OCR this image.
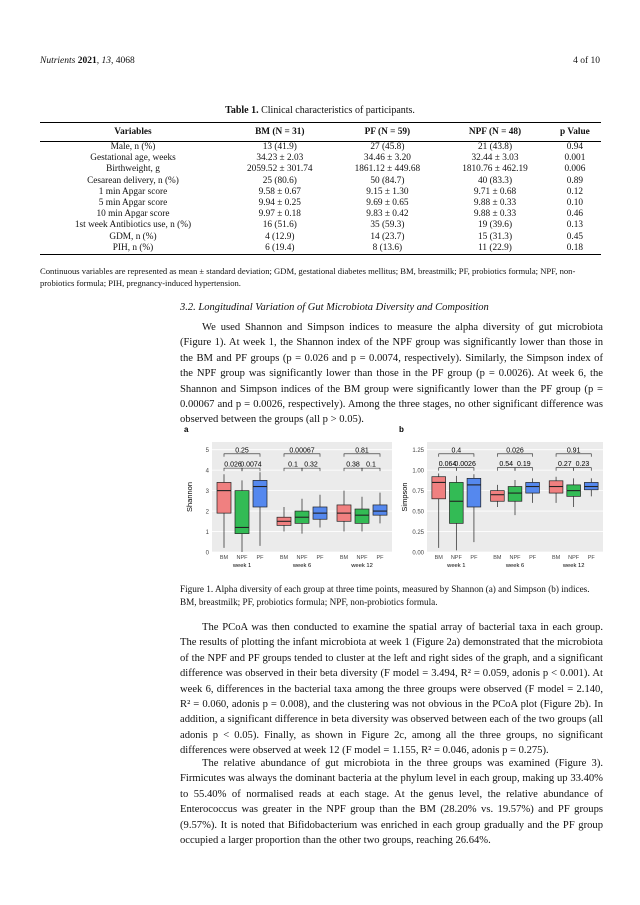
Nutrients 2021, 13, 4068	4 of 10
Table 1. Clinical characteristics of participants.
Variables	BM (N = 31)	PF (N = 59)	NPF (N = 48)	p Value
Male, n (%)	13 (41.9)	27 (45.8)	21 (43.8)	0.94
Gestational age, weeks	34.23 ± 2.03	34.46 ± 3.20	32.44 ± 3.03	0.001
Birthweight, g	2059.52 ± 301.74	1861.12 ± 449.68	1810.76 ± 462.19	0.006
Cesarean delivery, n (%)	25 (80.6)	50 (84.7)	40 (83.3)	0.89
1 min Apgar score	9.58 ± 0.67	9.15 ± 1.30	9.71 ± 0.68	0.12
5 min Apgar score	9.94 ± 0.25	9.69 ± 0.65	9.88 ± 0.33	0.10
10 min Apgar score	9.97 ± 0.18	9.83 ± 0.42	9.88 ± 0.33	0.46
1st week Antibiotics use, n (%)	16 (51.6)	35 (59.3)	19 (39.6)	0.13
GDM, n (%)	4 (12.9)	14 (23.7)	15 (31.3)	0.45
PIH, n (%)	6 (19.4)	8 (13.6)	11 (22.9)	0.18
Continuous variables are represented as mean ± standard deviation; GDM, gestational diabetes mellitus; BM, breastmilk; PF, probiotics formula; NPF, non-probiotics formula; PIH, pregnancy-induced hypertension.
3.2. Longitudinal Variation of Gut Microbiota Diversity and Composition

We used Shannon and Simpson indices to measure the alpha diversity of gut microbiota (Figure 1). At week 1, the Shannon index of the NPF group was significantly lower than those in the BM and PF groups (p = 0.026 and p = 0.0074, respectively). Similarly, the Simpson index of the NPF group was significantly lower than those in the PF group (p = 0.0026). At week 6, the Shannon and Simpson indices of the BM group were significantly lower than the PF group (p = 0.00067 and p = 0.0026, respectively). Among the three stages, no other significant difference was observed between the groups (all p > 0.05).

a
0
1
2
3
4
5
Shannon
BM NPF PF	BM NPF PF	BM NPF PF
week 1	week 6	week 12
0.25
0.026
0.0074
0.00067
0.1 0.32
0.81
0.38 0.1
b
0.00
0.25
0.50
0.75
1.00
1.25
Simpson
BM NPF PF	BM NPF PF	BM NPF PF
week 1	week 6	week 12
0.4
0.064
0.0026
0.026
0.54 0.19
0.91
0.27 0.23
Figure 1. Alpha diversity of each group at three time points, measured by Shannon (a) and Simpson (b) indices. BM, breastmilk; PF, probiotics formula; NPF, non-probiotics formula.

The PCoA was then conducted to examine the spatial array of bacterial taxa in each group. The results of plotting the infant microbiota at week 1 (Figure 2a) demonstrated that the microbiota of the NPF and PF groups tended to cluster at the left and right sides of the graph, and a significant difference was observed in their beta diversity (F model = 3.494, R² = 0.059, adonis p < 0.001). At week 6, differences in the bacterial taxa among the three groups were observed (F model = 2.140, R² = 0.060, adonis p = 0.008), and the clustering was not obvious in the PCoA plot (Figure 2b). In addition, a significant difference in beta diversity was observed between each of the two groups (all adonis p < 0.05). Finally, as shown in Figure 2c, among all the three groups, no significant differences were observed at week 12 (F model = 1.155, R² = 0.046, adonis p = 0.275).

The relative abundance of gut microbiota in the three groups was examined (Figure 3). Firmicutes was always the dominant bacteria at the phylum level in each group, making up 33.40% to 55.40% of normalised reads at each stage. At the genus level, the relative abundance of Enterococcus was greater in the NPF group than the BM (28.20% vs. 19.57%) and PF groups (9.57%). It is noted that Bifidobacterium was enriched in each group gradually and the PF group occupied a larger proportion than the other two groups, reaching 26.64%.
